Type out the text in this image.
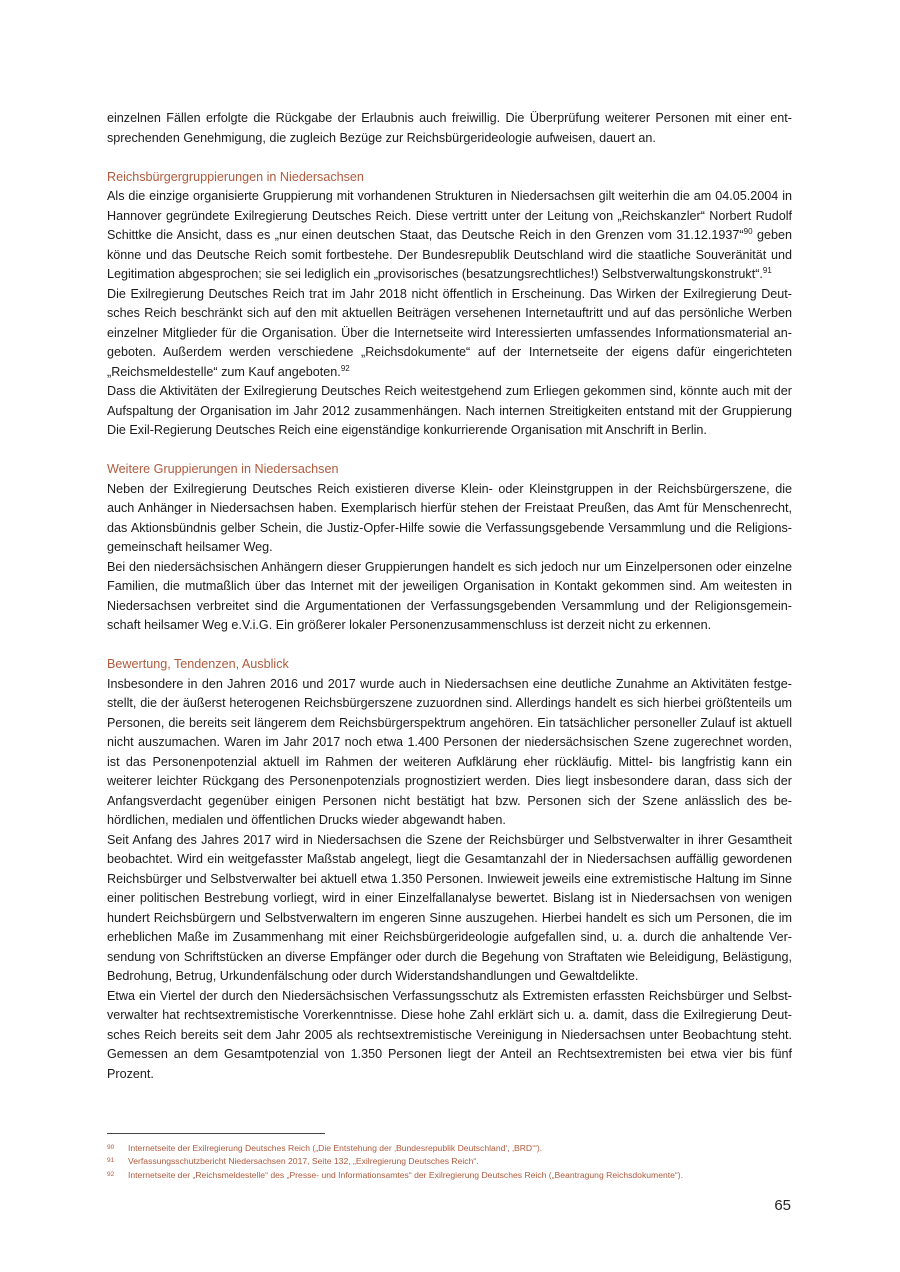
einzelnen Fällen erfolgte die Rückgabe der Erlaubnis auch freiwillig. Die Überprüfung weiterer Personen mit einer entsprechenden Genehmigung, die zugleich Bezüge zur Reichsbürgerideologie aufweisen, dauert an.

Reichsbürgergruppierungen in Niedersachsen

Als die einzige organisierte Gruppierung mit vorhandenen Strukturen in Niedersachsen gilt weiterhin die am 04.05.2004 in Hannover gegründete Exilregierung Deutsches Reich. Diese vertritt unter der Leitung von „Reichskanzler“ Norbert Rudolf Schittke die Ansicht, dass es „nur einen deutschen Staat, das Deutsche Reich in den Grenzen vom 31.12.1937“$^{90}$ geben könne und das Deutsche Reich somit fortbestehe. Der Bundesrepublik Deutschland wird die staatliche Souveränität und Legitimation abgesprochen; sie sei lediglich ein „provisorisches (besatzungsrechtliches!) Selbstverwaltungskonstrukt“.$^{91}$

Die Exilregierung Deutsches Reich trat im Jahr 2018 nicht öffentlich in Erscheinung. Das Wirken der Exilregierung Deutsches Reich beschränkt sich auf den mit aktuellen Beiträgen versehenen Internetauftritt und auf das persönliche Werben einzelner Mitglieder für die Organisation. Über die Internetseite wird Interessierten umfassendes Informationsmaterial angeboten. Außerdem werden verschiedene „Reichsdokumente“ auf der Internetseite der eigens dafür eingerichteten „Reichsmeldestelle“ zum Kauf angeboten.$^{92}$

Dass die Aktivitäten der Exilregierung Deutsches Reich weitestgehend zum Erliegen gekommen sind, könnte auch mit der Aufspaltung der Organisation im Jahr 2012 zusammenhängen. Nach internen Streitigkeiten entstand mit der Gruppierung Die Exil-Regierung Deutsches Reich eine eigenständige konkurrierende Organisation mit Anschrift in Berlin.

Weitere Gruppierungen in Niedersachsen

Neben der Exilregierung Deutsches Reich existieren diverse Klein- oder Kleinstgruppen in der Reichsbürgerszene, die auch Anhänger in Niedersachsen haben. Exemplarisch hierfür stehen der Freistaat Preußen, das Amt für Menschenrecht, das Aktionsbündnis gelber Schein, die Justiz-Opfer-Hilfe sowie die Verfassungsgebende Versammlung und die Religionsgemeinschaft heilsamer Weg.

Bei den niedersächsischen Anhängern dieser Gruppierungen handelt es sich jedoch nur um Einzelpersonen oder einzelne Familien, die mutmaßlich über das Internet mit der jeweiligen Organisation in Kontakt gekommen sind. Am weitesten in Niedersachsen verbreitet sind die Argumentationen der Verfassungsgebenden Versammlung und der Religionsgemeinschaft heilsamer Weg e.V.i.G. Ein größerer lokaler Personenzusammenschluss ist derzeit nicht zu erkennen.

Bewertung, Tendenzen, Ausblick

Insbesondere in den Jahren 2016 und 2017 wurde auch in Niedersachsen eine deutliche Zunahme an Aktivitäten festgestellt, die der äußerst heterogenen Reichsbürgerszene zuzuordnen sind. Allerdings handelt es sich hierbei größtenteils um Personen, die bereits seit längerem dem Reichsbürgerspektrum angehören. Ein tatsächlicher personeller Zulauf ist aktuell nicht auszumachen. Waren im Jahr 2017 noch etwa 1.400 Personen der niedersächsischen Szene zugerechnet worden, ist das Personenpotenzial aktuell im Rahmen der weiteren Aufklärung eher rückläufig. Mittel- bis langfristig kann ein weiterer leichter Rückgang des Personenpotenzials prognostiziert werden. Dies liegt insbesondere daran, dass sich der Anfangsverdacht gegenüber einigen Personen nicht bestätigt hat bzw. Personen sich der Szene anlässlich des behördlichen, medialen und öffentlichen Drucks wieder abgewandt haben.

Seit Anfang des Jahres 2017 wird in Niedersachsen die Szene der Reichsbürger und Selbstverwalter in ihrer Gesamtheit beobachtet. Wird ein weitgefasster Maßstab angelegt, liegt die Gesamtanzahl der in Niedersachsen auffällig gewordenen Reichsbürger und Selbstverwalter bei aktuell etwa 1.350 Personen. Inwieweit jeweils eine extremistische Haltung im Sinne einer politischen Bestrebung vorliegt, wird in einer Einzelfallanalyse bewertet. Bislang ist in Niedersachsen von wenigen hundert Reichsbürgern und Selbstverwaltern im engeren Sinne auszugehen. Hierbei handelt es sich um Personen, die im erheblichen Maße im Zusammenhang mit einer Reichsbürgerideologie aufgefallen sind, u. a. durch die anhaltende Versendung von Schriftstücken an diverse Empfänger oder durch die Begehung von Straftaten wie Beleidigung, Belästigung, Bedrohung, Betrug, Urkundenfälschung oder durch Widerstandshandlungen und Gewaltdelikte.

Etwa ein Viertel der durch den Niedersächsischen Verfassungsschutz als Extremisten erfassten Reichsbürger und Selbstverwalter hat rechtsextremistische Vorerkenntnisse. Diese hohe Zahl erklärt sich u. a. damit, dass die Exilregierung Deutsches Reich bereits seit dem Jahr 2005 als rechtsextremistische Vereinigung in Niedersachsen unter Beobachtung steht. Gemessen an dem Gesamtpotenzial von 1.350 Personen liegt der Anteil an Rechtsextremisten bei etwa vier bis fünf Prozent.

90	Internetseite der Exilregierung Deutsches Reich („Die Entstehung der ‚Bundesrepublik Deutschland‘, ‚BRD‘“).
91	Verfassungsschutzbericht Niedersachsen 2017, Seite 132, „Exilregierung Deutsches Reich“.
92	Internetseite der „Reichsmeldestelle“ des „Presse- und Informationsamtes“ der Exilregierung Deutsches Reich („Beantragung Reichsdokumente“).
65
